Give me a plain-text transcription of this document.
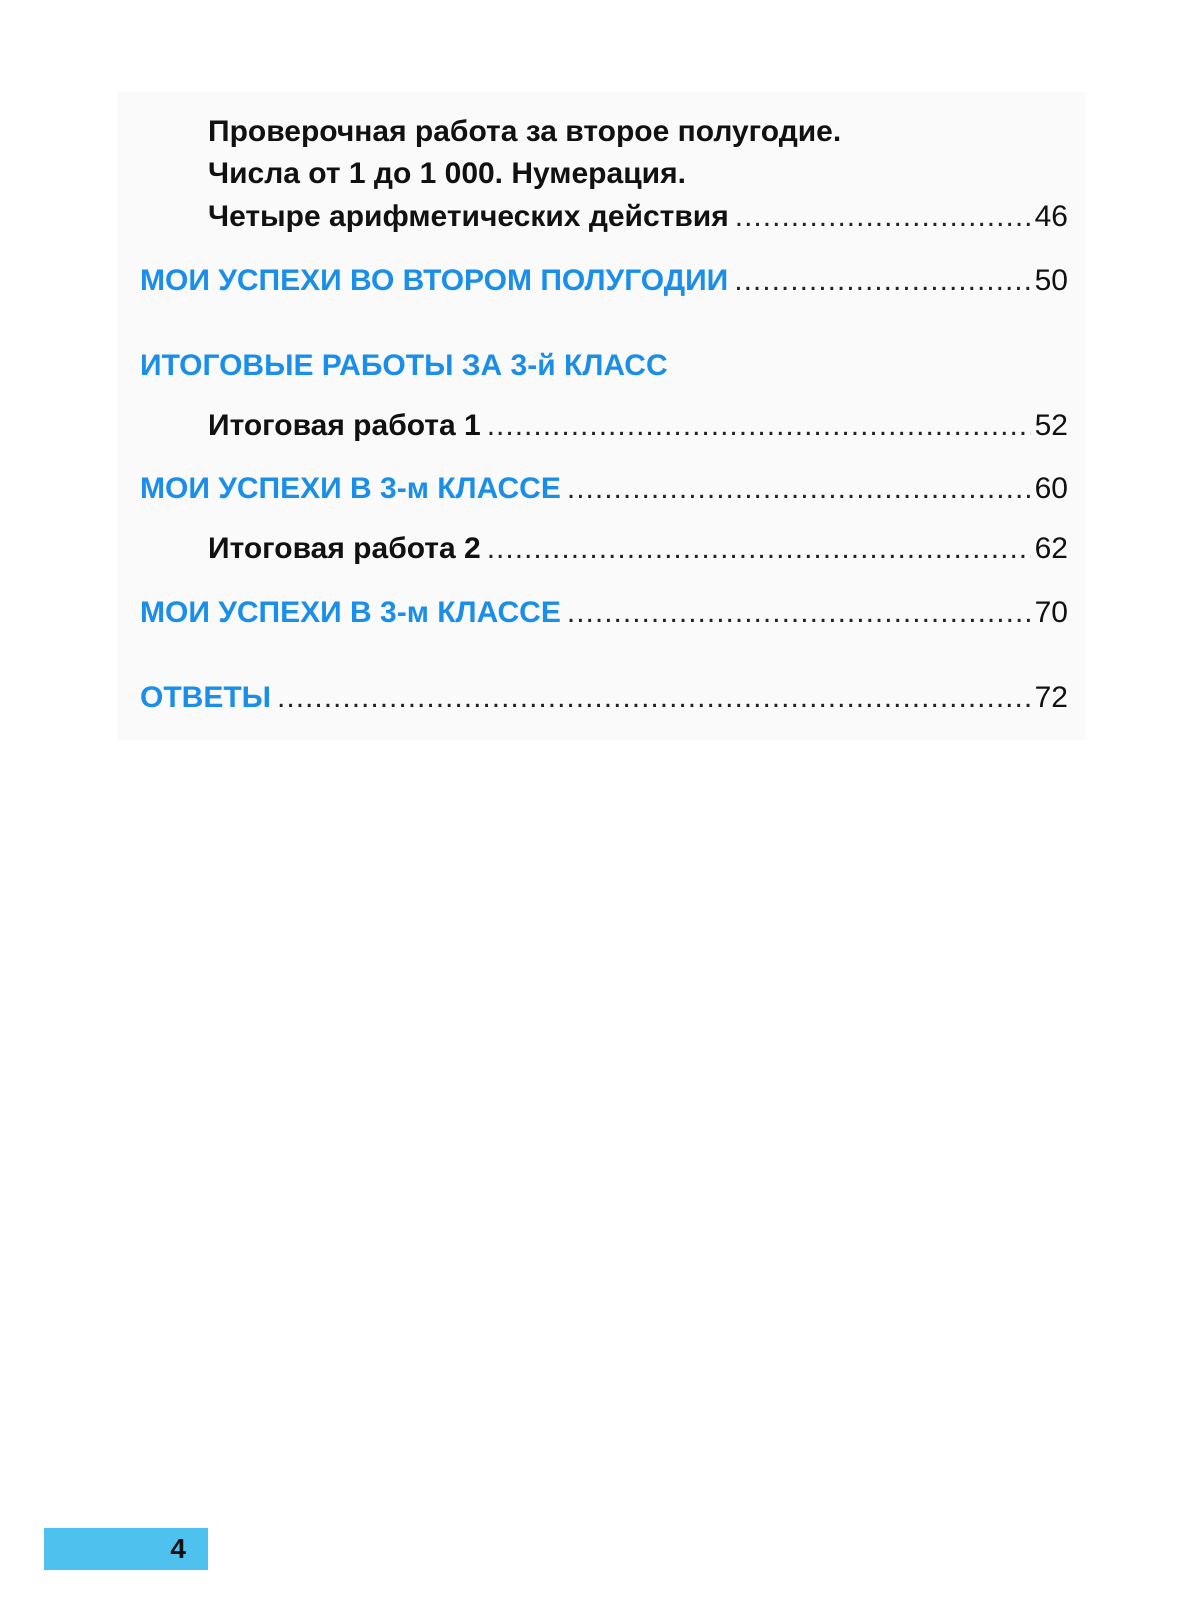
Проверочная работа за второе полугодие.
Числа от 1 до 1 000. Нумерация.
Четыре арифметических действия .....	46
МОИ УСПЕХИ ВО ВТОРОМ ПОЛУГОДИИ .....	50
ИТОГОВЫЕ РАБОТЫ ЗА 3-й КЛАСС
Итоговая работа 1 .....	52
МОИ УСПЕХИ В 3-м КЛАССЕ .....	60
Итоговая работа 2 .....	62
МОИ УСПЕХИ В 3-м КЛАССЕ .....	70
ОТВЕТЫ .....	72
4
